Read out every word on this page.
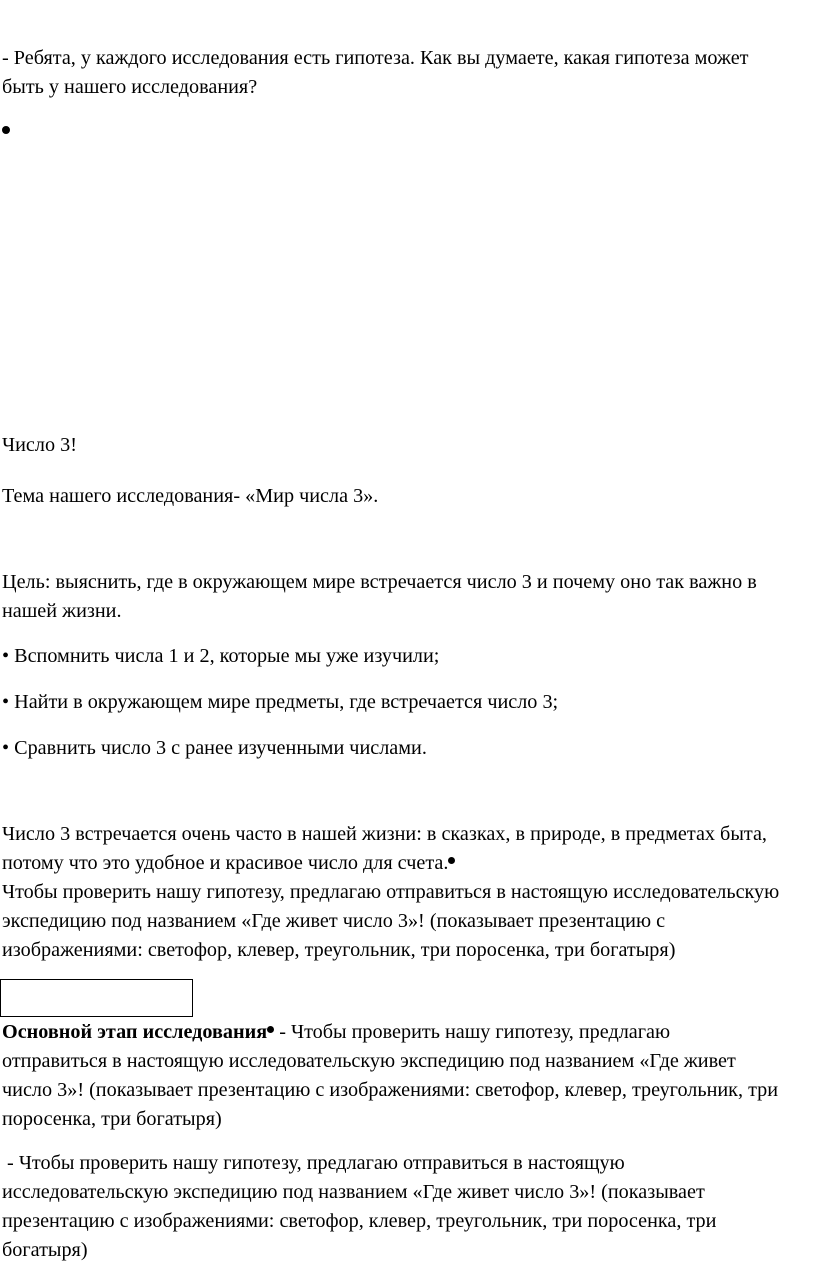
- Ребята, у каждого исследования есть гипотеза. Как вы думаете, какая гипотеза может
быть у нашего исследования?
Число 3!
Тема нашего исследования- «Мир числа 3».
Цель: выяснить, где в окружающем мире встречается число 3 и почему оно так важно в
нашей жизни.
• Вспомнить числа 1 и 2, которые мы уже изучили;
• Найти в окружающем мире предметы, где встречается число 3;
• Сравнить число 3 с ранее изученными числами.
Число 3 встречается очень часто в нашей жизни: в сказках, в природе, в предметах быта,
потому что это удобное и красивое число для счета.
Чтобы проверить нашу гипотезу, предлагаю отправиться в настоящую исследовательскую
экспедицию под названием «Где живет число 3»! (показывает презентацию с
изображениями: светофор, клевер, треугольник, три поросенка, три богатыря)
Основной этап исследования - Чтобы проверить нашу гипотезу, предлагаю
отправиться в настоящую исследовательскую экспедицию под названием «Где живет
число 3»! (показывает презентацию с изображениями: светофор, клевер, треугольник, три
поросенка, три богатыря)
- Чтобы проверить нашу гипотезу, предлагаю отправиться в настоящую
исследовательскую экспедицию под названием «Где живет число 3»! (показывает
презентацию с изображениями: светофор, клевер, треугольник, три поросенка, три
богатыря)
